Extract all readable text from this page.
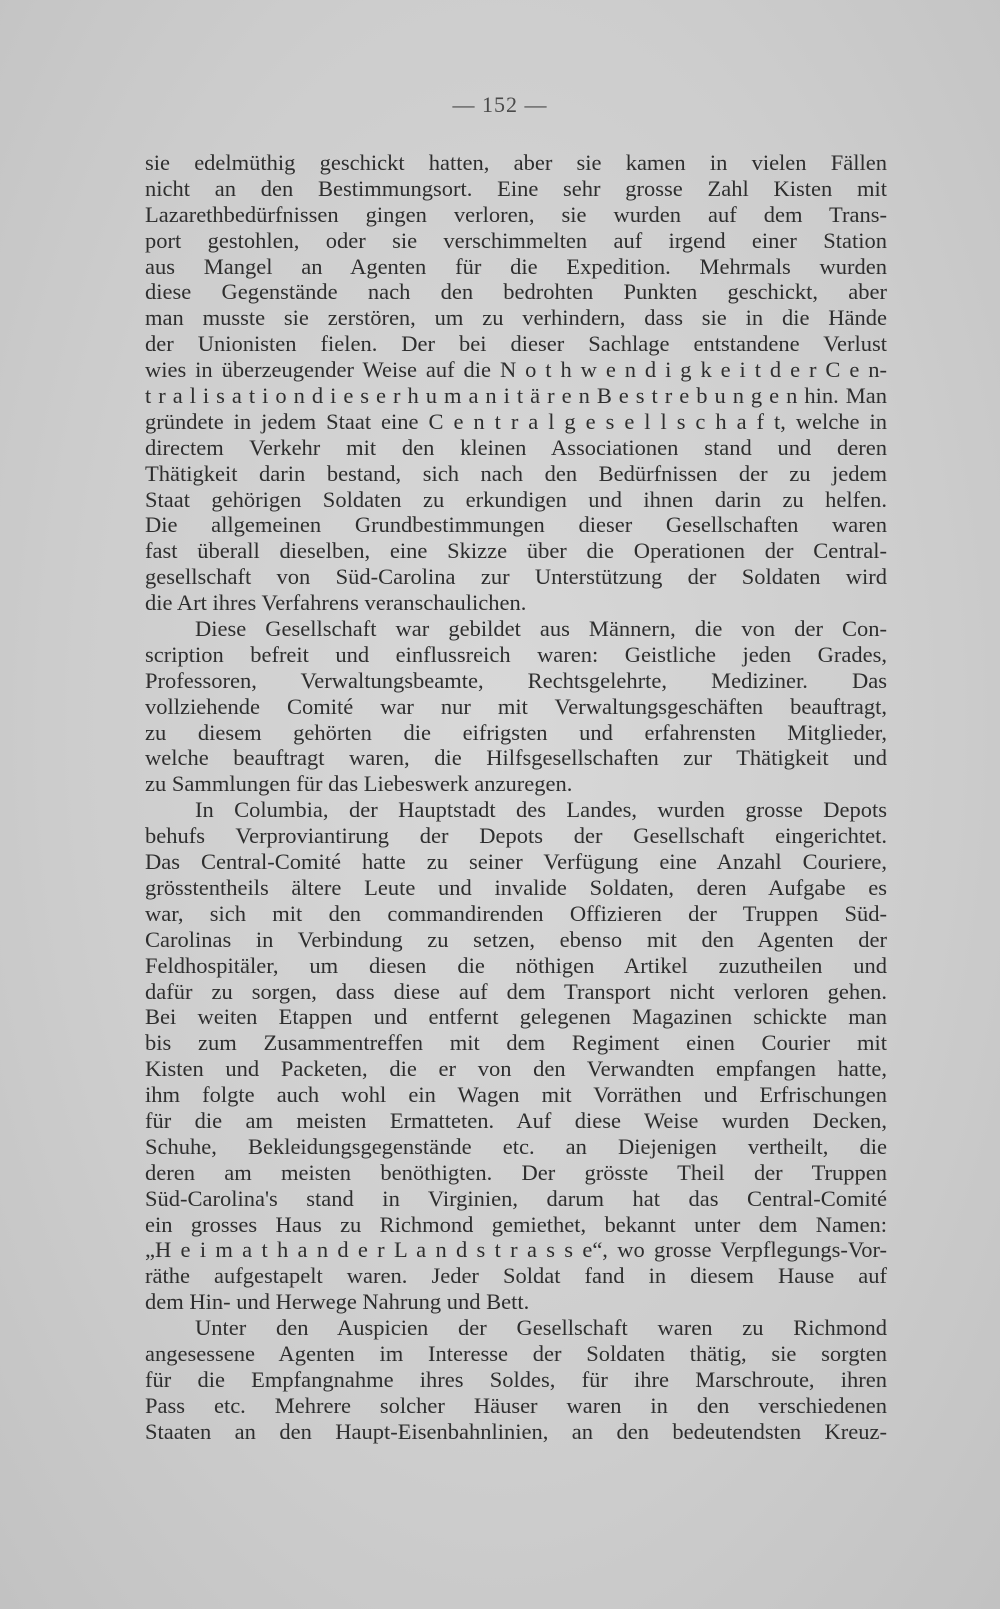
— 152 —
sie edelmüthig geschickt hatten, aber sie kamen in vielen Fällen
nicht an den Bestimmungsort. Eine sehr grosse Zahl Kisten mit
Lazarethbedürfnissen gingen verloren, sie wurden auf dem Trans-
port gestohlen, oder sie verschimmelten auf irgend einer Station
aus Mangel an Agenten für die Expedition. Mehrmals wurden
diese Gegenstände nach den bedrohten Punkten geschickt, aber
man musste sie zerstören, um zu verhindern, dass sie in die Hände
der Unionisten fielen. Der bei dieser Sachlage entstandene Verlust
wies in überzeugender Weise auf die N o t h w e n d i g k e i t d e r C e n-
t r a l i s a t i o n d i e s e r h u m a n i t ä r e n B e s t r e b u n g e n hin. Man
gründete in jedem Staat eine C e n t r a l g e s e l l s c h a f t, welche in
directem Verkehr mit den kleinen Associationen stand und deren
Thätigkeit darin bestand, sich nach den Bedürfnissen der zu jedem
Staat gehörigen Soldaten zu erkundigen und ihnen darin zu helfen.
Die allgemeinen Grundbestimmungen dieser Gesellschaften waren
fast überall dieselben, eine Skizze über die Operationen der Central-
gesellschaft von Süd-Carolina zur Unterstützung der Soldaten wird
die Art ihres Verfahrens veranschaulichen.
Diese Gesellschaft war gebildet aus Männern, die von der Con-
scription befreit und einflussreich waren: Geistliche jeden Grades,
Professoren, Verwaltungsbeamte, Rechtsgelehrte, Mediziner. Das
vollziehende Comité war nur mit Verwaltungsgeschäften beauftragt,
zu diesem gehörten die eifrigsten und erfahrensten Mitglieder,
welche beauftragt waren, die Hilfsgesellschaften zur Thätigkeit und
zu Sammlungen für das Liebeswerk anzuregen.
In Columbia, der Hauptstadt des Landes, wurden grosse Depots
behufs Verproviantirung der Depots der Gesellschaft eingerichtet.
Das Central-Comité hatte zu seiner Verfügung eine Anzahl Couriere,
grösstentheils ältere Leute und invalide Soldaten, deren Aufgabe es
war, sich mit den commandirenden Offizieren der Truppen Süd-
Carolinas in Verbindung zu setzen, ebenso mit den Agenten der
Feldhospitäler, um diesen die nöthigen Artikel zuzutheilen und
dafür zu sorgen, dass diese auf dem Transport nicht verloren gehen.
Bei weiten Etappen und entfernt gelegenen Magazinen schickte man
bis zum Zusammentreffen mit dem Regiment einen Courier mit
Kisten und Packeten, die er von den Verwandten empfangen hatte,
ihm folgte auch wohl ein Wagen mit Vorräthen und Erfrischungen
für die am meisten Ermatteten. Auf diese Weise wurden Decken,
Schuhe, Bekleidungsgegenstände etc. an Diejenigen vertheilt, die
deren am meisten benöthigten. Der grösste Theil der Truppen
Süd-Carolina's stand in Virginien, darum hat das Central-Comité
ein grosses Haus zu Richmond gemiethet, bekannt unter dem Namen:
„H e i m a t h a n d e r L a n d s t r a s s e“, wo grosse Verpflegungs-Vor-
räthe aufgestapelt waren. Jeder Soldat fand in diesem Hause auf
dem Hin- und Herwege Nahrung und Bett.
Unter den Auspicien der Gesellschaft waren zu Richmond
angesessene Agenten im Interesse der Soldaten thätig, sie sorgten
für die Empfangnahme ihres Soldes, für ihre Marschroute, ihren
Pass etc. Mehrere solcher Häuser waren in den verschiedenen
Staaten an den Haupt-Eisenbahnlinien, an den bedeutendsten Kreuz-
